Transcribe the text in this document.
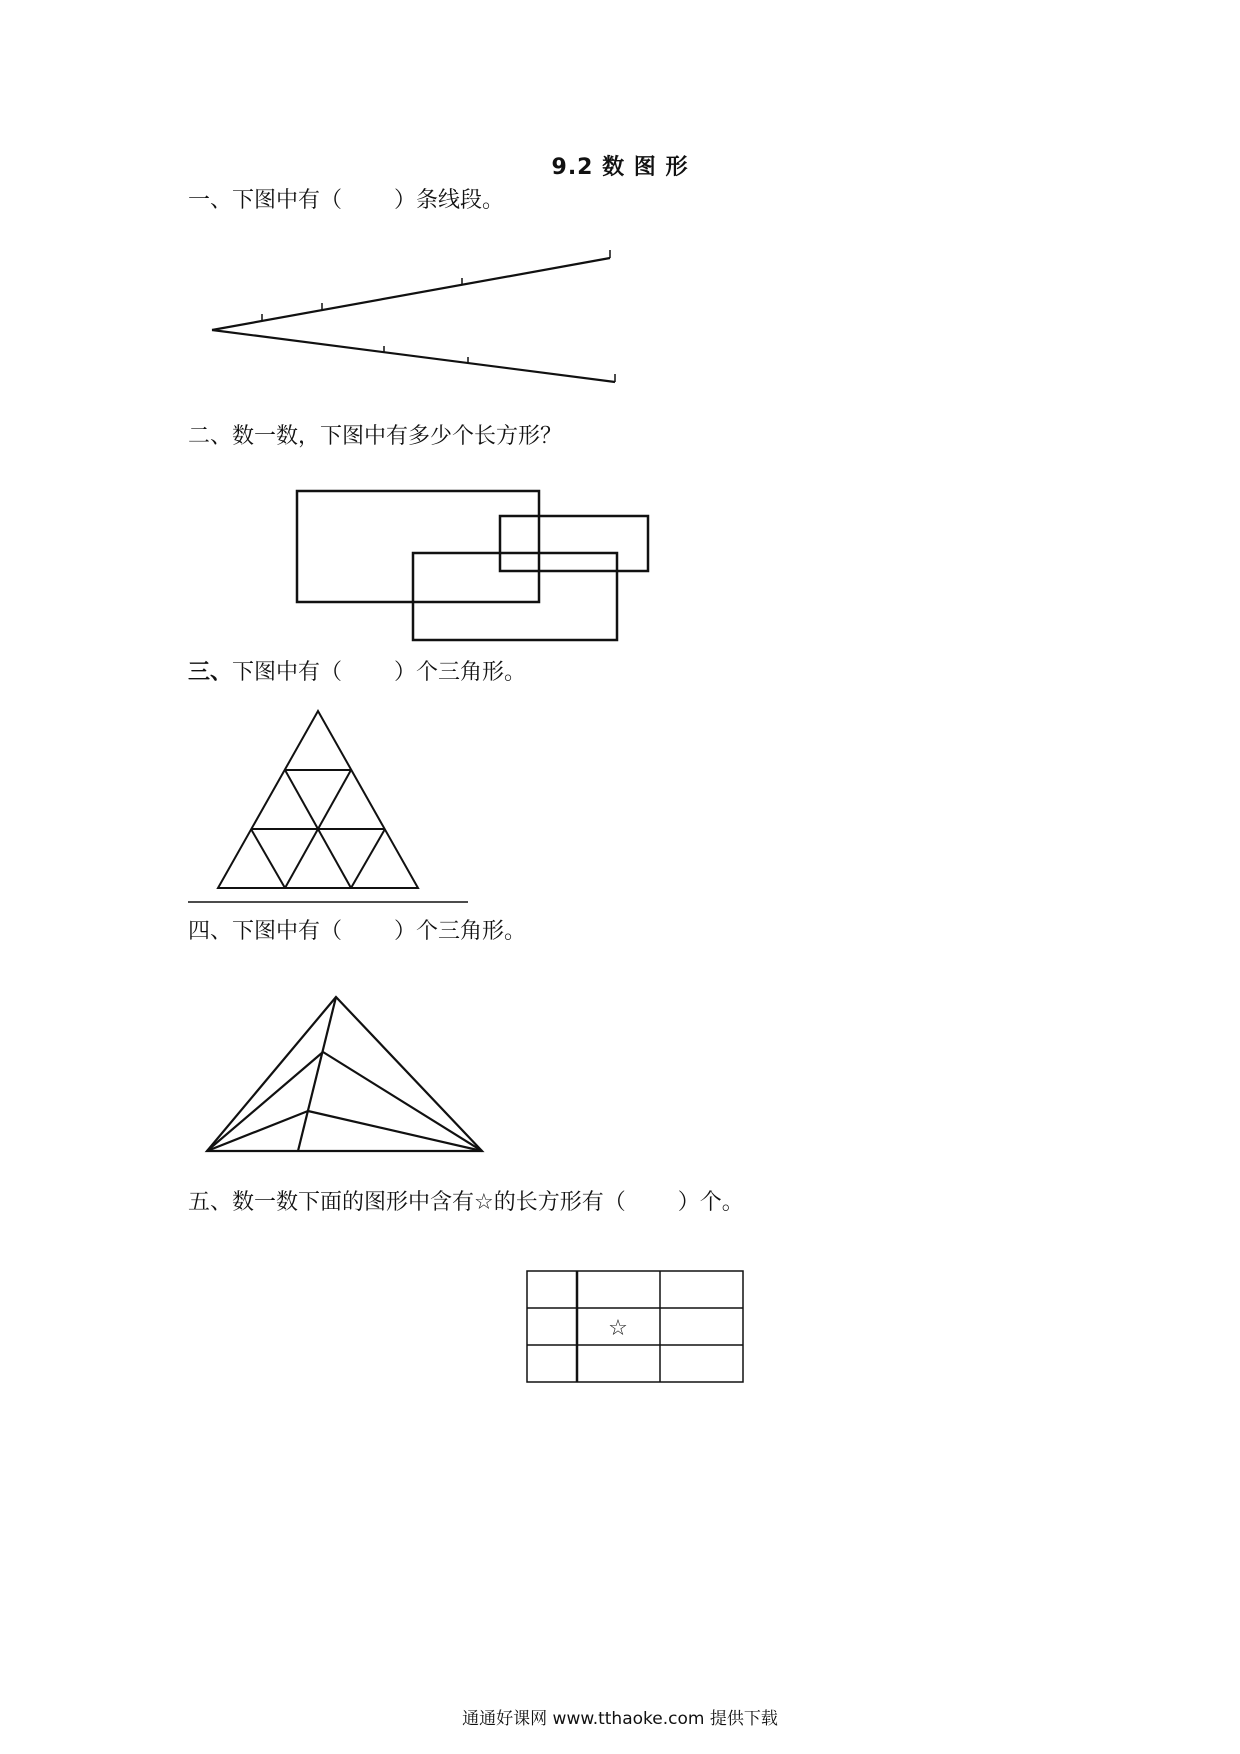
9.2 数 图 形
一、下图中有（ ）条线段。
二、数一数，下图中有多少个长方形？
三、下图中有（ ）个三角形。
四、下图中有（ ）个三角形。
五、数一数下面的图形中含有☆的长方形有（ ）个。
☆
通通好课网 www.tthaoke.com 提供下载
